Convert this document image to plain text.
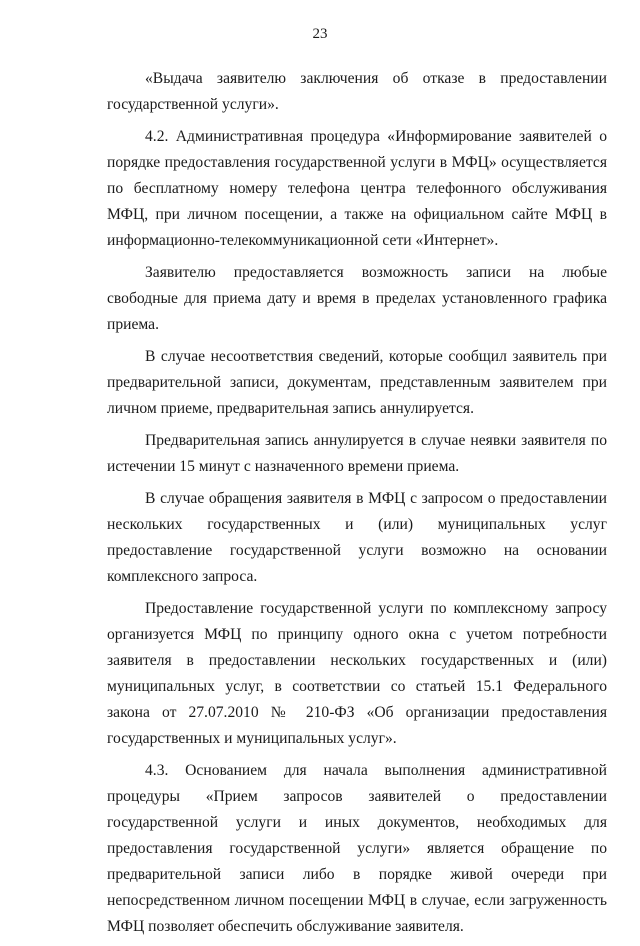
23

«Выдача заявителю заключения об отказе в предоставлении государственной услуги».

4.2. Административная процедура «Информирование заявителей о порядке предоставления государственной услуги в МФЦ» осуществляется по бесплатному номеру телефона центра телефонного обслуживания МФЦ, при личном посещении, а также на официальном сайте МФЦ в информационно-телекоммуникационной сети «Интернет».

Заявителю предоставляется возможность записи на любые свободные для приема дату и время в пределах установленного графика приема.

В случае несоответствия сведений, которые сообщил заявитель при предварительной записи, документам, представленным заявителем при личном приеме, предварительная запись аннулируется.

Предварительная запись аннулируется в случае неявки заявителя по истечении 15 минут с назначенного времени приема.

В случае обращения заявителя в МФЦ с запросом о предоставлении нескольких государственных и (или) муниципальных услуг предоставление государственной услуги возможно на основании комплексного запроса.

Предоставление государственной услуги по комплексному запросу организуется МФЦ по принципу одного окна с учетом потребности заявителя в предоставлении нескольких государственных и (или) муниципальных услуг, в соответствии со статьей 15.1 Федерального закона от 27.07.2010 № 210-ФЗ «Об организации предоставления государственных и муниципальных услуг».

4.3. Основанием для начала выполнения административной процедуры «Прием запросов заявителей о предоставлении государственной услуги и иных документов, необходимых для предоставления государственной услуги» является обращение по предварительной записи либо в порядке живой очереди при непосредственном личном посещении МФЦ в случае, если загруженность МФЦ позволяет обеспечить обслуживание заявителя.
